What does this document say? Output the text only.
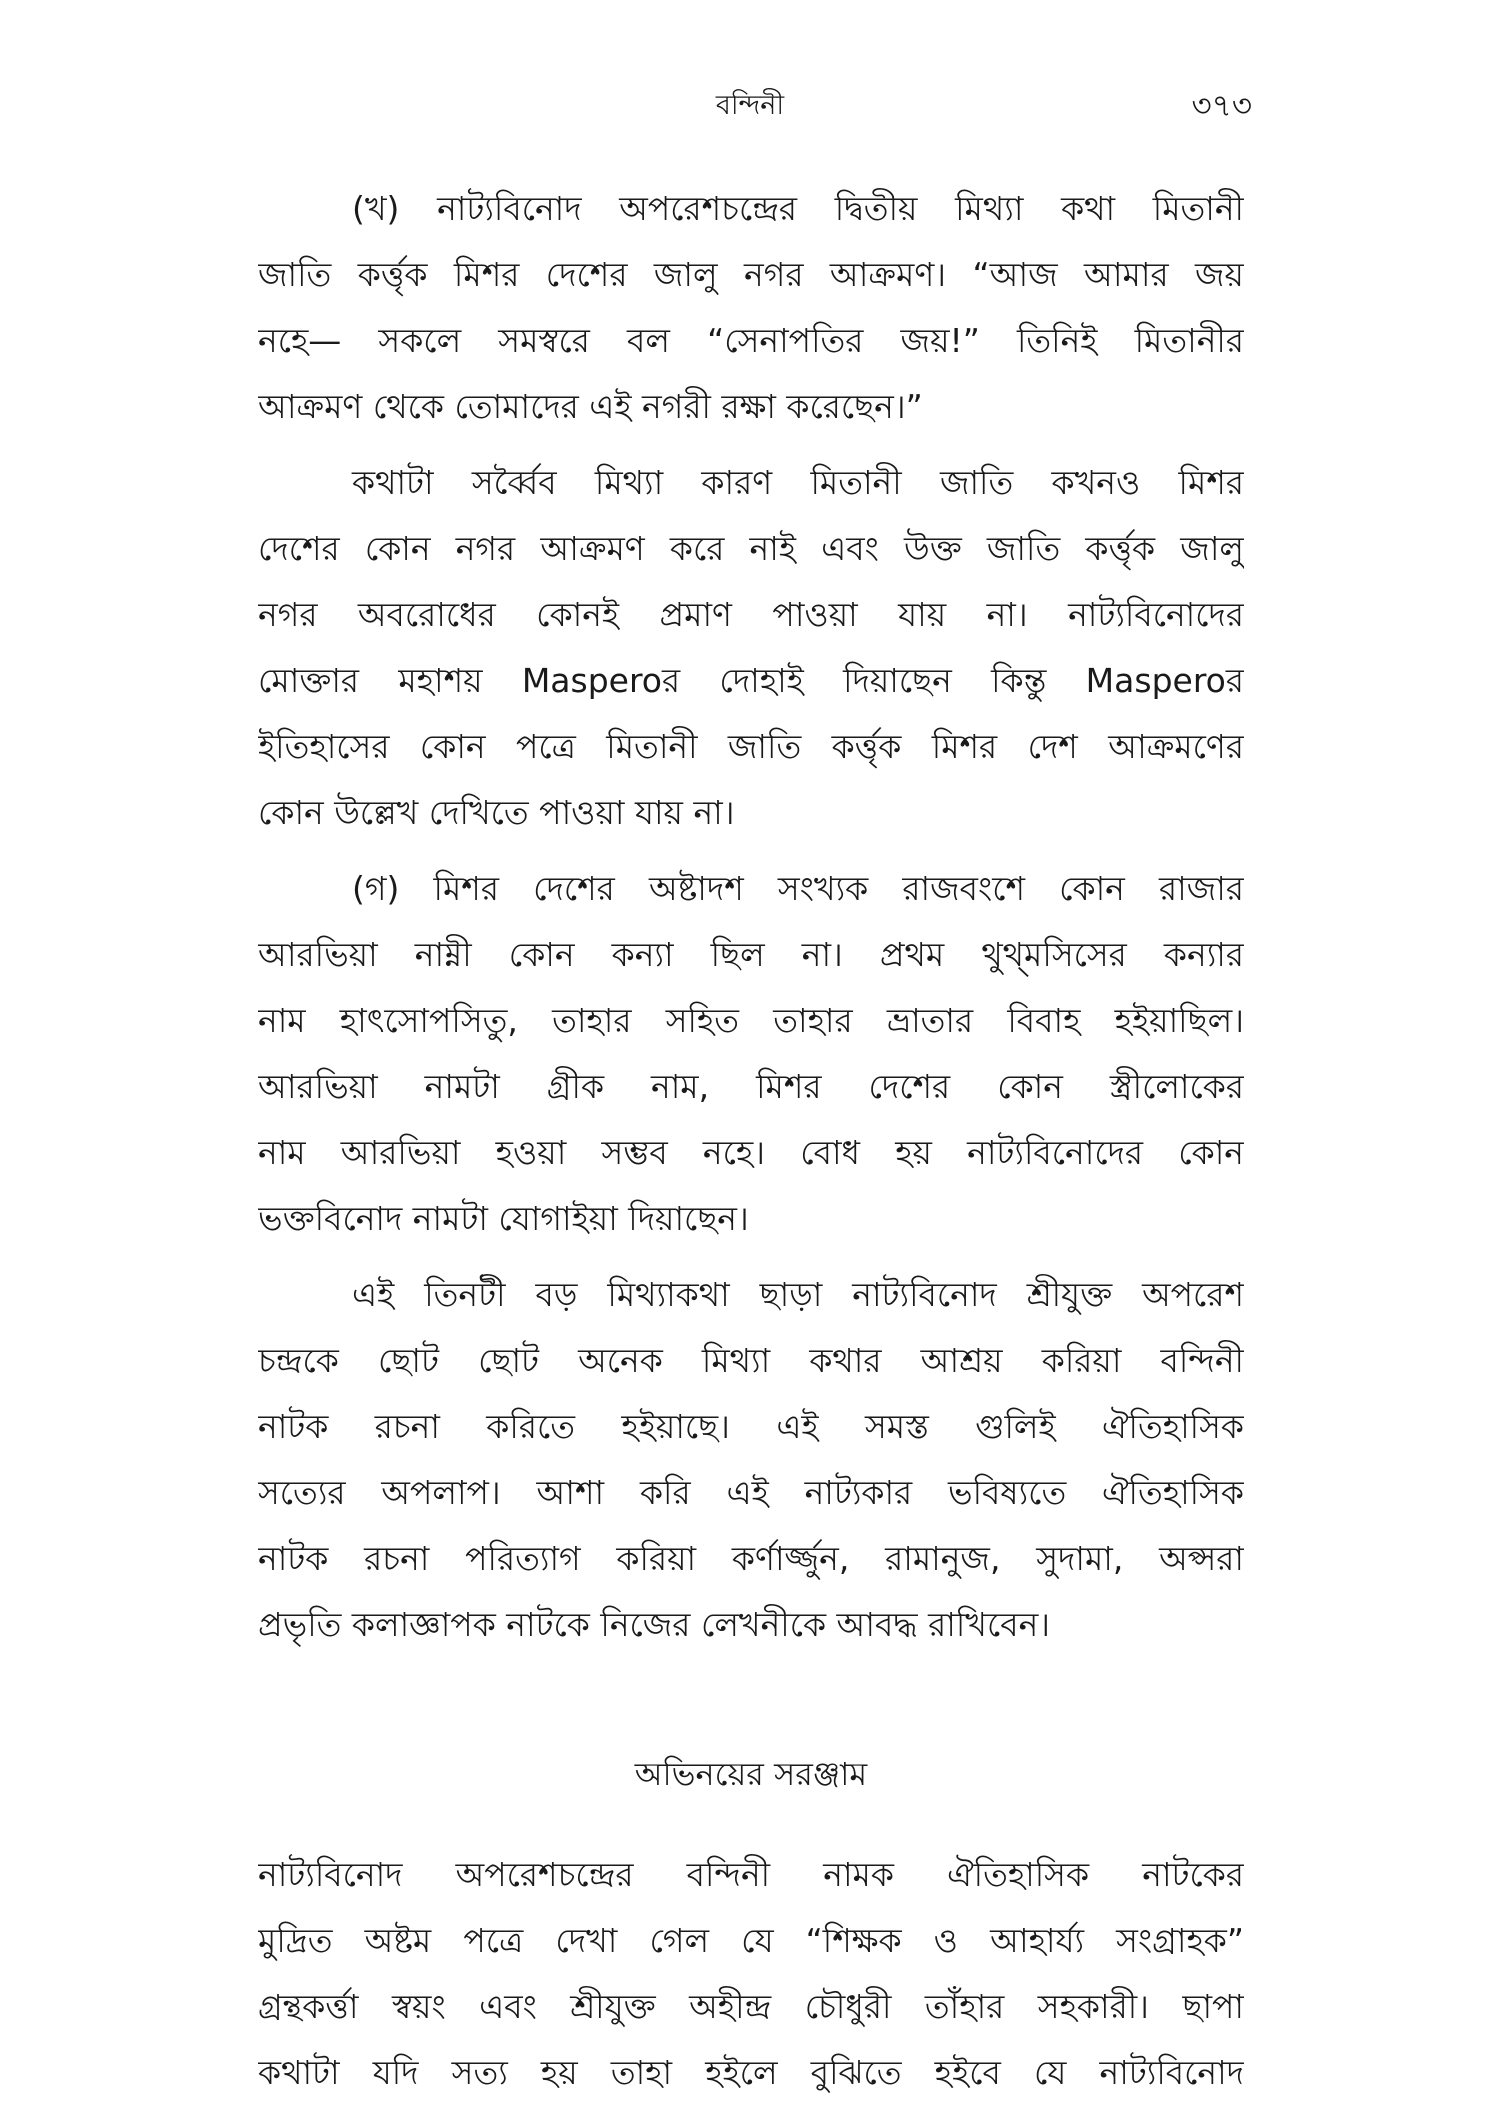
বন্দিনী	৩৭৩
(খ) নাট্যবিনোদ অপরেশচন্দ্রের দ্বিতীয় মিথ্যা কথা মিতানী
জাতি কর্ত্তৃক মিশর দেশের জালু নগর আক্রমণ। “আজ আমার জয়
নহে— সকলে সমস্বরে বল “সেনাপতির জয়!” তিনিই মিতানীর
আক্রমণ থেকে তোমাদের এই নগরী রক্ষা করেছেন।”
কথাটা সর্ব্বৈব মিথ্যা কারণ মিতানী জাতি কখনও মিশর
দেশের কোন নগর আক্রমণ করে নাই এবং উক্ত জাতি কর্ত্তৃক জালু
নগর অবরোধের কোনই প্রমাণ পাওয়া যায় না। নাট্যবিনোদের
মোক্তার মহাশয় Masperoর দোহাই দিয়াছেন কিন্তু Masperoর
ইতিহাসের কোন পত্রে মিতানী জাতি কর্ত্তৃক মিশর দেশ আক্রমণের
কোন উল্লেখ দেখিতে পাওয়া যায় না।
(গ) মিশর দেশের অষ্টাদশ সংখ্যক রাজবংশে কোন রাজার
আরভিয়া নাম্নী কোন কন্যা ছিল না। প্রথম থুথ্মসিসের কন্যার
নাম হাৎসোপসিতু, তাহার সহিত তাহার ভ্রাতার বিবাহ হইয়াছিল।
আরভিয়া নামটা গ্রীক নাম, মিশর দেশের কোন স্ত্রীলোকের
নাম আরভিয়া হওয়া সম্ভব নহে। বোধ হয় নাট্যবিনোদের কোন
ভক্তবিনোদ নামটা যোগাইয়া দিয়াছেন।
এই তিনটী বড় মিথ্যাকথা ছাড়া নাট্যবিনোদ শ্রীযুক্ত অপরেশ
চন্দ্রকে ছোট ছোট অনেক মিথ্যা কথার আশ্রয় করিয়া বন্দিনী
নাটক রচনা করিতে হইয়াছে। এই সমস্ত গুলিই ঐতিহাসিক
সত্যের অপলাপ। আশা করি এই নাট্যকার ভবিষ্যতে ঐতিহাসিক
নাটক রচনা পরিত্যাগ করিয়া কর্ণার্জ্জুন, রামানুজ, সুদামা, অপ্সরা
প্রভৃতি কলাজ্ঞাপক নাটকে নিজের লেখনীকে আবদ্ধ রাখিবেন।
অভিনয়ের সরঞ্জাম
নাট্যবিনোদ অপরেশচন্দ্রের বন্দিনী নামক ঐতিহাসিক নাটকের
মুদ্রিত অষ্টম পত্রে দেখা গেল যে “শিক্ষক ও আহার্য্য সংগ্রাহক”
গ্রন্থকর্ত্তা স্বয়ং এবং শ্রীযুক্ত অহীন্দ্র চৌধুরী তাঁহার সহকারী। ছাপা
কথাটা যদি সত্য হয় তাহা হইলে বুঝিতে হইবে যে নাট্যবিনোদ
